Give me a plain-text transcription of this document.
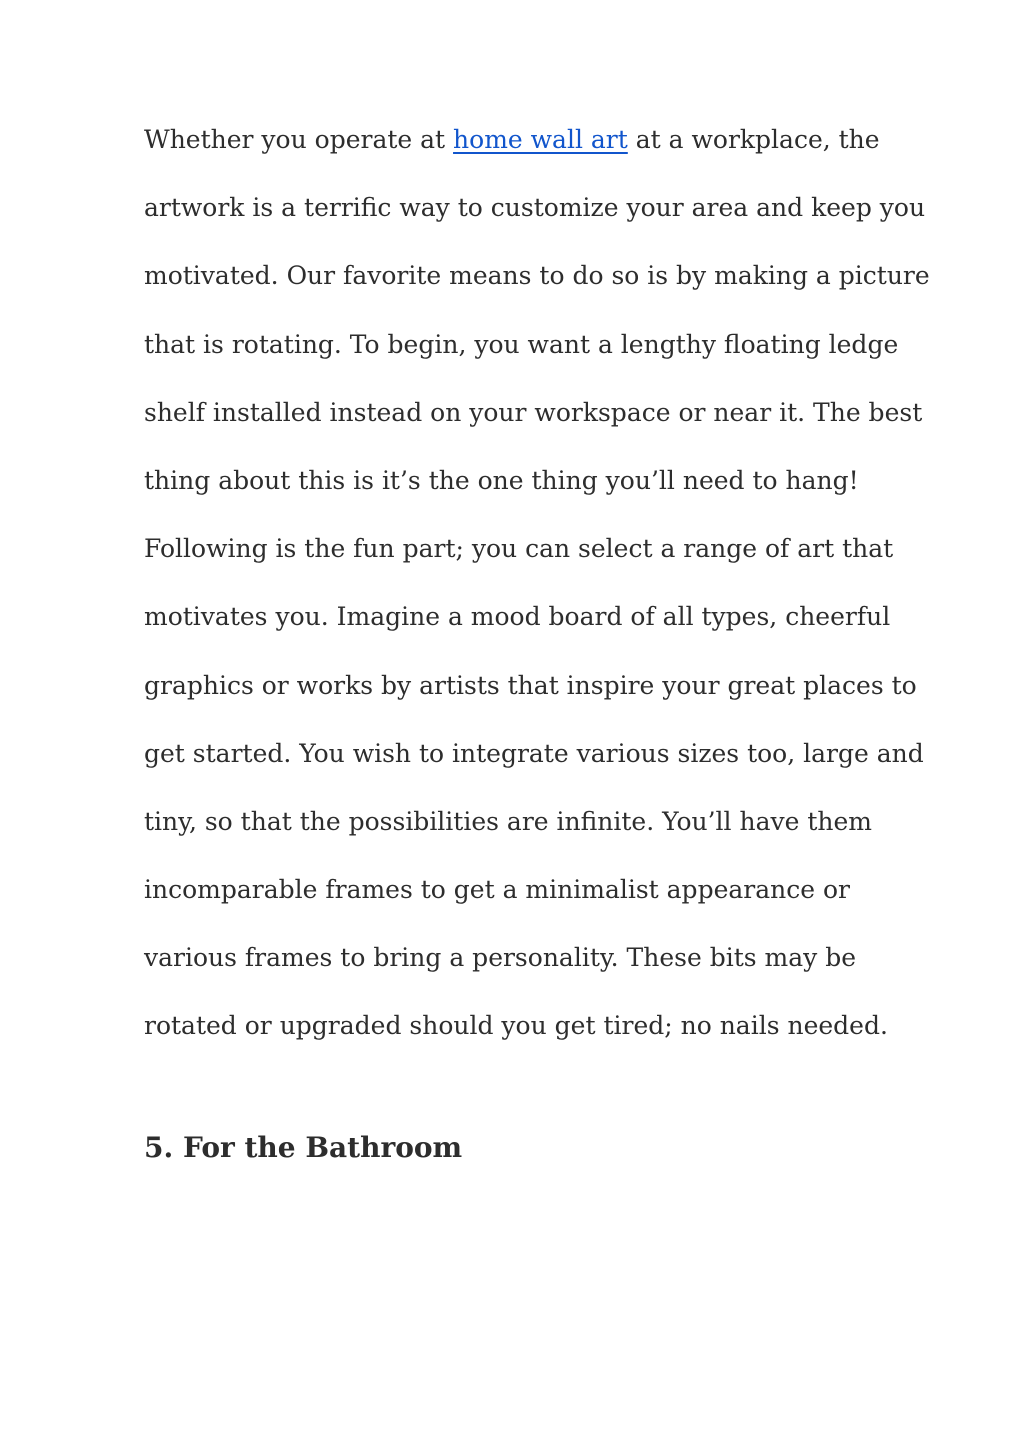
Whether you operate at home wall art at a workplace, the
artwork is a terrific way to customize your area and keep you
motivated. Our favorite means to do so is by making a picture
that is rotating. To begin, you want a lengthy floating ledge
shelf installed instead on your workspace or near it. The best
thing about this is it’s the one thing you’ll need to hang!
Following is the fun part; you can select a range of art that
motivates you. Imagine a mood board of all types, cheerful
graphics or works by artists that inspire your great places to
get started. You wish to integrate various sizes too, large and
tiny, so that the possibilities are infinite. You’ll have them
incomparable frames to get a minimalist appearance or
various frames to bring a personality. These bits may be
rotated or upgraded should you get tired; no nails needed.
5. For the Bathroom
